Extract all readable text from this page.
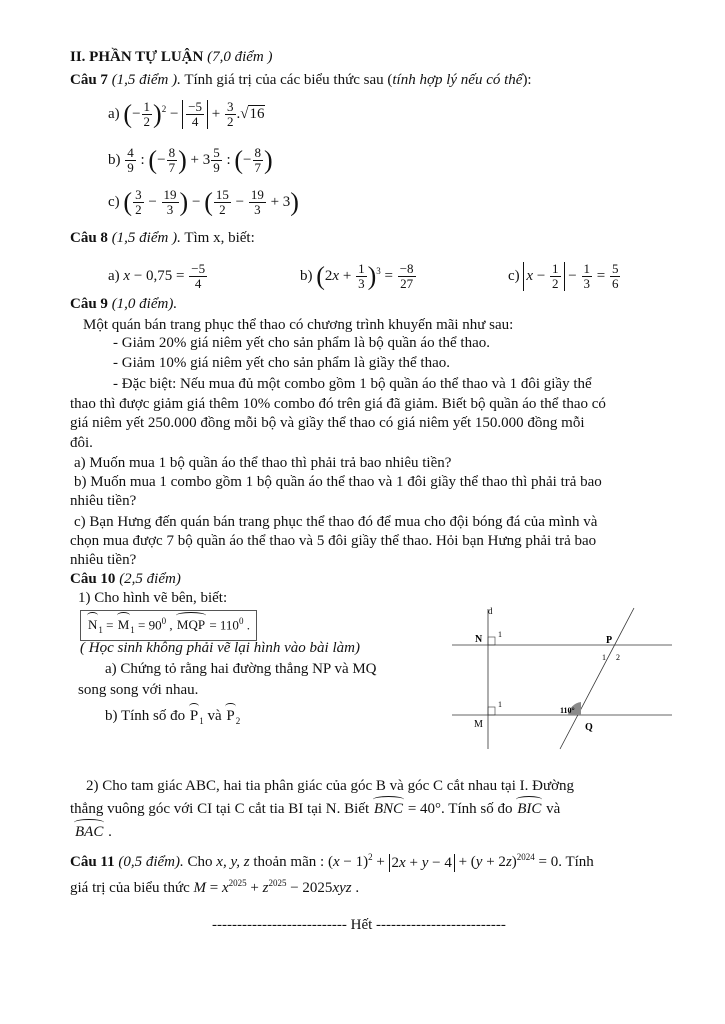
II. PHẦN TỰ LUẬN (7,0 điểm )
Câu 7 (1,5 điểm ). Tính giá trị của các biểu thức sau (tính hợp lý nếu có thể):
a) (− $\frac{1}{2} )^2 - \frac{-5}{4} + \frac{3}{2} .√16$
$b) \frac{4}{9}$ : (− $\frac{8}{7}$ ) + $3 \frac{5}{9}$ : (− $\frac{8}{7}$ )
c) ( $\frac{3}{2} - \frac{19}{3}$ ) − ( $\frac{15}{2} - \frac{19}{3} + 3$)
Câu 8 (1,5 điểm ). Tìm x, biết:
a) $x - 0,75 = \frac{-5}{4}$	b) $(2x + \frac{1}{3} )^3 = \frac{-8}{27}$	c) $x - \frac{1}{2} - \frac{1}{3} = \frac{5}{6}$
Câu 9 (1,0 điểm).
Một quán bán trang phục thể thao có chương trình khuyến mãi như sau:
- Giảm 20% giá niêm yết cho sản phẩm là bộ quần áo thể thao.
- Giảm 10% giá niêm yết cho sản phẩm là giầy thể thao.
- Đặc biệt: Nếu mua đủ một combo gồm 1 bộ quần áo thể thao và 1 đôi giầy thể
thao thì được giảm giá thêm 10% combo đó trên giá đã giảm. Biết bộ quần áo thể thao có
giá niêm yết 250.000 đồng mỗi bộ và giầy thể thao có giá niêm yết 150.000 đồng mỗi
đôi.
a) Muốn mua 1 bộ quần áo thể thao thì phải trả bao nhiêu tiền?
b) Muốn mua 1 combo gồm 1 bộ quần áo thể thao và 1 đôi giầy thể thao thì phải trả bao
nhiêu tiền?
c) Bạn Hưng đến quán bán trang phục thể thao đó để mua cho đội bóng đá của mình và
chọn mua được 7 bộ quần áo thể thao và 5 đôi giầy thể thao. Hỏi bạn Hưng phải trả bao
nhiêu tiền?
Câu 10 (2,5 điểm)
1) Cho hình vẽ bên, biết:
$N_1 = M_1 = 90^0$ , MQP = $110^0$ .
( Học sinh không phải vẽ lại hình vào bài làm)
a) Chứng tỏ rằng hai đường thẳng NP và MQ
song song với nhau.
b) Tính số đo $P_1$ và $P_2$
d
N 1
P
1 2
M
1
110°
Q
2) Cho tam giác ABC, hai tia phân giác của góc B và góc C cắt nhau tại I. Đường
thẳng vuông góc với CI tại C cắt tia BI tại N. Biết BNC = 40°. Tính số đo BIC và
BAC .
Câu 11 (0,5 điểm). Cho x, y, z thoản mãn : $(x - 1)^2 + 2x + y - 4 + (y + 2z)^{2024} = 0$. Tính
giá trị của biểu thức $M = x^{2025} + z^{2025} - 2025xyz$ .
--------------------------- Hết --------------------------
